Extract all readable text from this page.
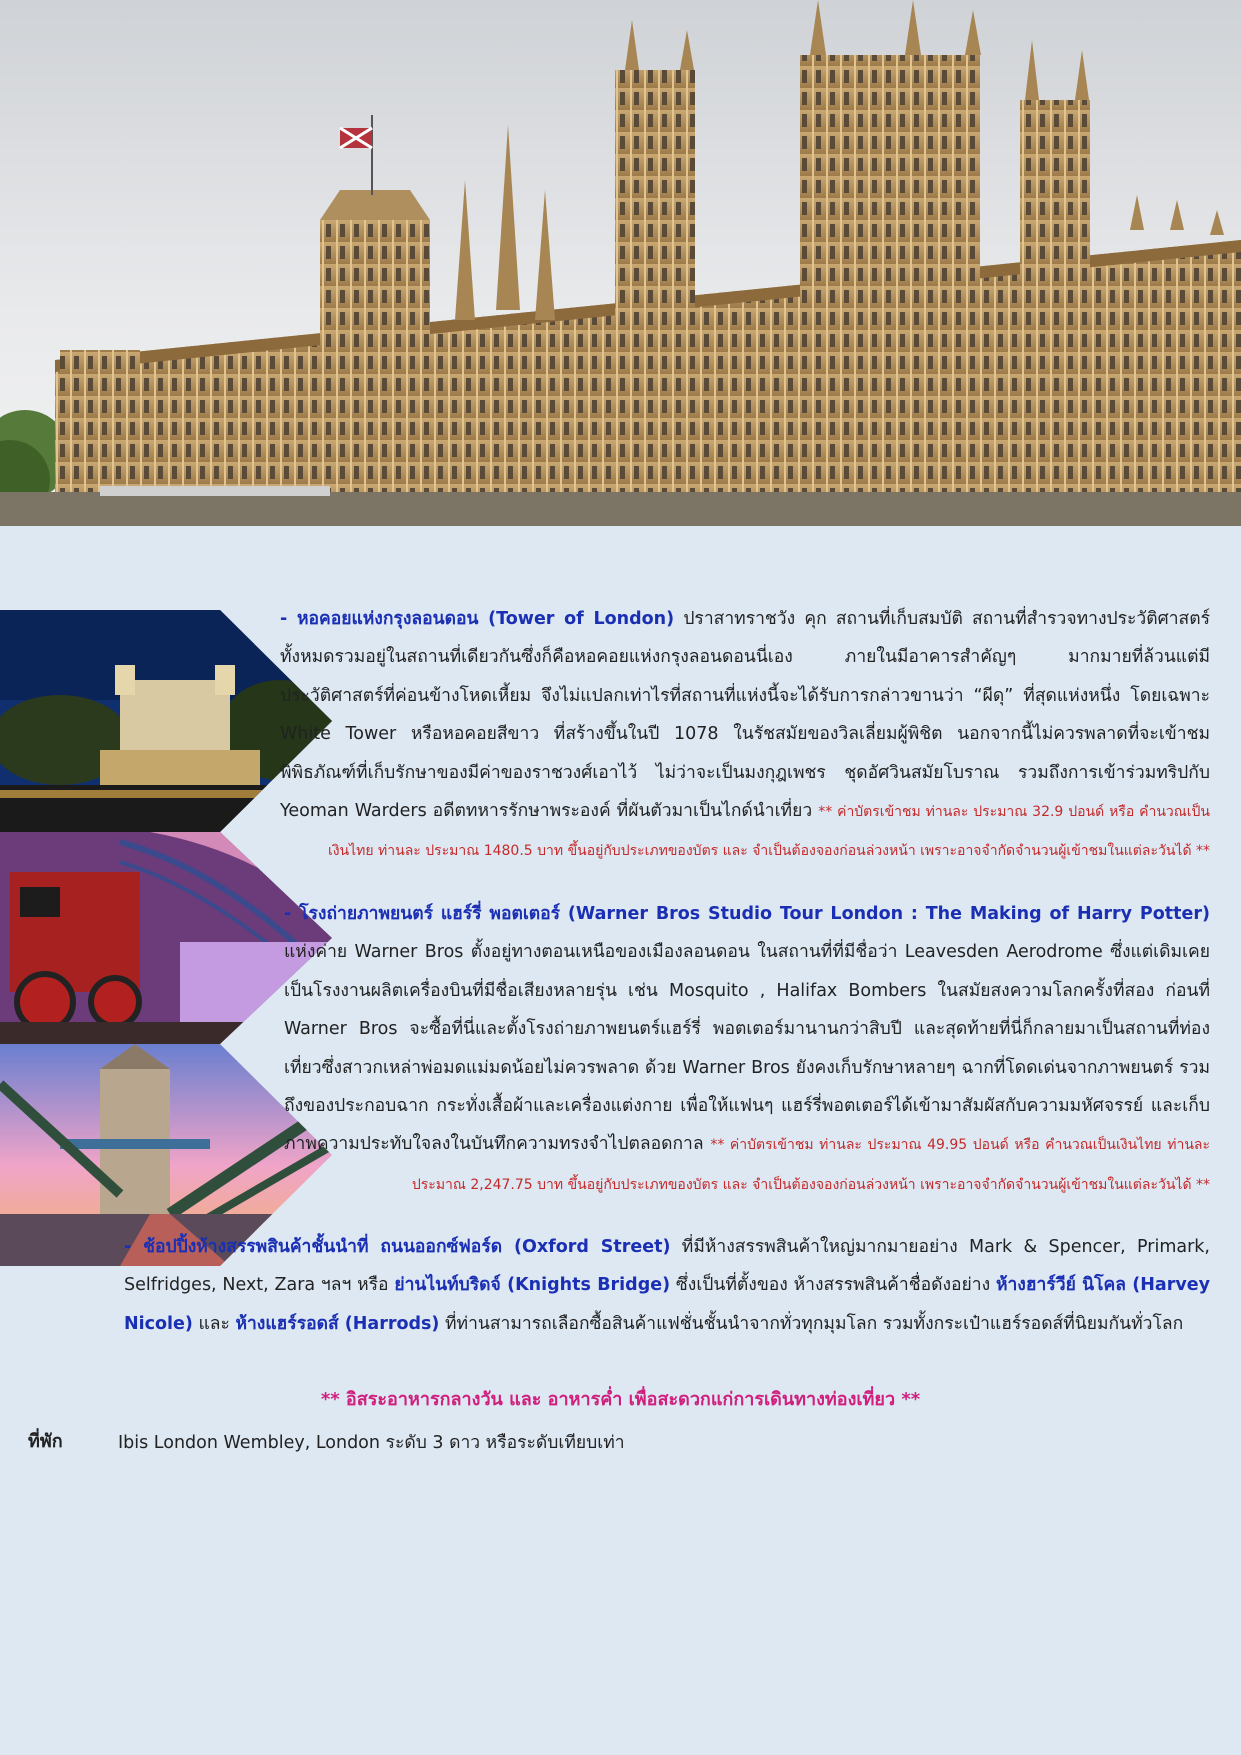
- หอคอยแห่งกรุงลอนดอน (Tower of London) ปราสาทราชวัง คุก สถานที่เก็บสมบัติ สถานที่สำรวจทางประวัติศาสตร์ทั้งหมดรวมอยู่ในสถานที่เดียวกันซึ่งก็คือหอคอยแห่งกรุงลอนดอนนี่เอง ภายในมีอาคารสำคัญๆ มากมายที่ล้วนแต่มีประวัติศาสตร์ที่ค่อนข้างโหดเหี้ยม จึงไม่แปลกเท่าไรที่สถานที่แห่งนี้จะได้รับการกล่าวขานว่า “ผีดุ” ที่สุดแห่งหนึ่ง โดยเฉพาะ White Tower หรือหอคอยสีขาว ที่สร้างขึ้นในปี 1078 ในรัชสมัยของวิลเลี่ยมผู้พิชิต นอกจากนี้ไม่ควรพลาดที่จะเข้าชมพิพิธภัณฑ์ที่เก็บรักษาของมีค่าของราชวงศ์เอาไว้ ไม่ว่าจะเป็นมงกุฎเพชร ชุดอัศวินสมัยโบราณ รวมถึงการเข้าร่วมทริปกับ Yeoman Warders อดีตทหารรักษาพระองค์ ที่ผันตัวมาเป็นไกด์นำเที่ยว ** ค่าบัตรเข้าชม ท่านละ ประมาณ 32.9 ปอนด์ หรือ คำนวณเป็นเงินไทย ท่านละ ประมาณ 1480.5 บาท ขึ้นอยู่กับประเภทของบัตร และ จำเป็นต้องจองก่อนล่วงหน้า เพราะอาจจำกัดจำนวนผู้เข้าชมในแต่ละวันได้ **

- โรงถ่ายภาพยนตร์ แฮร์รี่ พอตเตอร์ (Warner Bros Studio Tour London : The Making of Harry Potter) แห่งค่าย Warner Bros ตั้งอยู่ทางตอนเหนือของเมืองลอนดอน ในสถานที่ที่มีชื่อว่า Leavesden Aerodrome ซึ่งแต่เดิมเคยเป็นโรงงานผลิตเครื่องบินที่มีชื่อเสียงหลายรุ่น เช่น Mosquito , Halifax Bombers ในสมัยสงความโลกครั้งที่สอง ก่อนที่ Warner Bros จะซื้อที่นี่และตั้งโรงถ่ายภาพยนตร์แฮร์รี่ พอตเตอร์มานานกว่าสิบปี และสุดท้ายที่นี่ก็กลายมาเป็นสถานที่ท่องเที่ยวซึ่งสาวกเหล่าพ่อมดแม่มดน้อยไม่ควรพลาด ด้วย Warner Bros ยังคงเก็บรักษาหลายๆ ฉากที่โดดเด่นจากภาพยนตร์ รวมถึงของประกอบฉาก กระทั่งเสื้อผ้าและเครื่องแต่งกาย เพื่อให้แฟนๆ แฮร์รี่พอตเตอร์ได้เข้ามาสัมผัสกับความมหัศจรรย์ และเก็บภาพความประทับใจลงในบันทึกความทรงจำไปตลอดกาล ** ค่าบัตรเข้าชม ท่านละ ประมาณ 49.95 ปอนด์ หรือ คำนวณเป็นเงินไทย ท่านละ ประมาณ 2,247.75 บาท ขึ้นอยู่กับประเภทของบัตร และ จำเป็นต้องจองก่อนล่วงหน้า เพราะอาจจำกัดจำนวนผู้เข้าชมในแต่ละวันได้ **

- ช้อปปิ้งห้างสรรพสินค้าชั้นนำที่ ถนนออกซ์ฟอร์ด (Oxford Street) ที่มีห้างสรรพสินค้าใหญ่มากมายอย่าง Mark & Spencer, Primark, Selfridges, Next, Zara ฯลฯ หรือ ย่านไนท์บริดจ์ (Knights Bridge) ซึ่งเป็นที่ตั้งของ ห้างสรรพสินค้าชื่อดังอย่าง ห้างฮาร์วีย์ นิโคล (Harvey Nicole) และ ห้างแฮร์รอดส์ (Harrods) ที่ท่านสามารถเลือกซื้อสินค้าแฟชั่นชั้นนำจากทั่วทุกมุมโลก รวมทั้งกระเป๋าแฮร์รอดส์ที่นิยมกันทั่วโลก

** อิสระอาหารกลางวัน และ อาหารค่ำ เพื่อสะดวกแก่การเดินทางท่องเที่ยว **
ที่พัก	Ibis London Wembley, London ระดับ 3 ดาว หรือระดับเทียบเท่า
